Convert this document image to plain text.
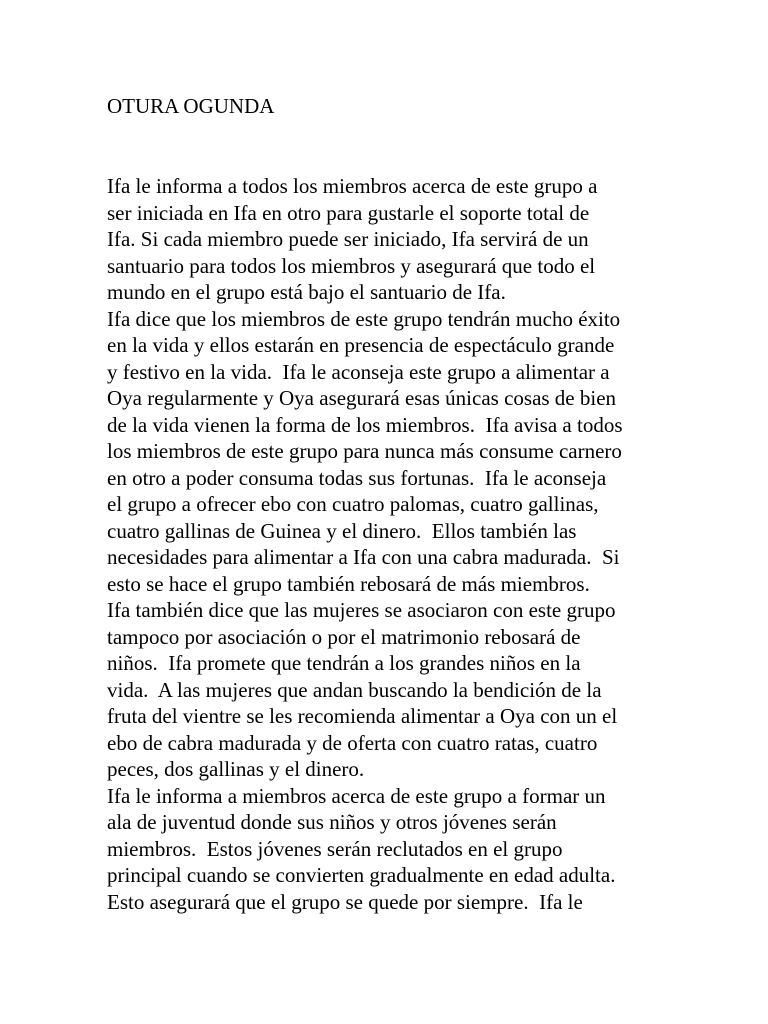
OTURA OGUNDA
Ifa le informa a todos los miembros acerca de este grupo a
ser iniciada en Ifa en otro para gustarle el soporte total de
Ifa. Si cada miembro puede ser iniciado, Ifa servirá de un
santuario para todos los miembros y asegurará que todo el
mundo en el grupo está bajo el santuario de Ifa.
Ifa dice que los miembros de este grupo tendrán mucho éxito
en la vida y ellos estarán en presencia de espectáculo grande
y festivo en la vida.  Ifa le aconseja este grupo a alimentar a
Oya regularmente y Oya asegurará esas únicas cosas de bien
de la vida vienen la forma de los miembros.  Ifa avisa a todos
los miembros de este grupo para nunca más consume carnero
en otro a poder consuma todas sus fortunas.  Ifa le aconseja
el grupo a ofrecer ebo con cuatro palomas, cuatro gallinas,
cuatro gallinas de Guinea y el dinero.  Ellos también las
necesidades para alimentar a Ifa con una cabra madurada.  Si
esto se hace el grupo también rebosará de más miembros.
Ifa también dice que las mujeres se asociaron con este grupo
tampoco por asociación o por el matrimonio rebosará de
niños.  Ifa promete que tendrán a los grandes niños en la
vida.  A las mujeres que andan buscando la bendición de la
fruta del vientre se les recomienda alimentar a Oya con un el
ebo de cabra madurada y de oferta con cuatro ratas, cuatro
peces, dos gallinas y el dinero.
Ifa le informa a miembros acerca de este grupo a formar un
ala de juventud donde sus niños y otros jóvenes serán
miembros.  Estos jóvenes serán reclutados en el grupo
principal cuando se convierten gradualmente en edad adulta.
Esto asegurará que el grupo se quede por siempre.  Ifa le
